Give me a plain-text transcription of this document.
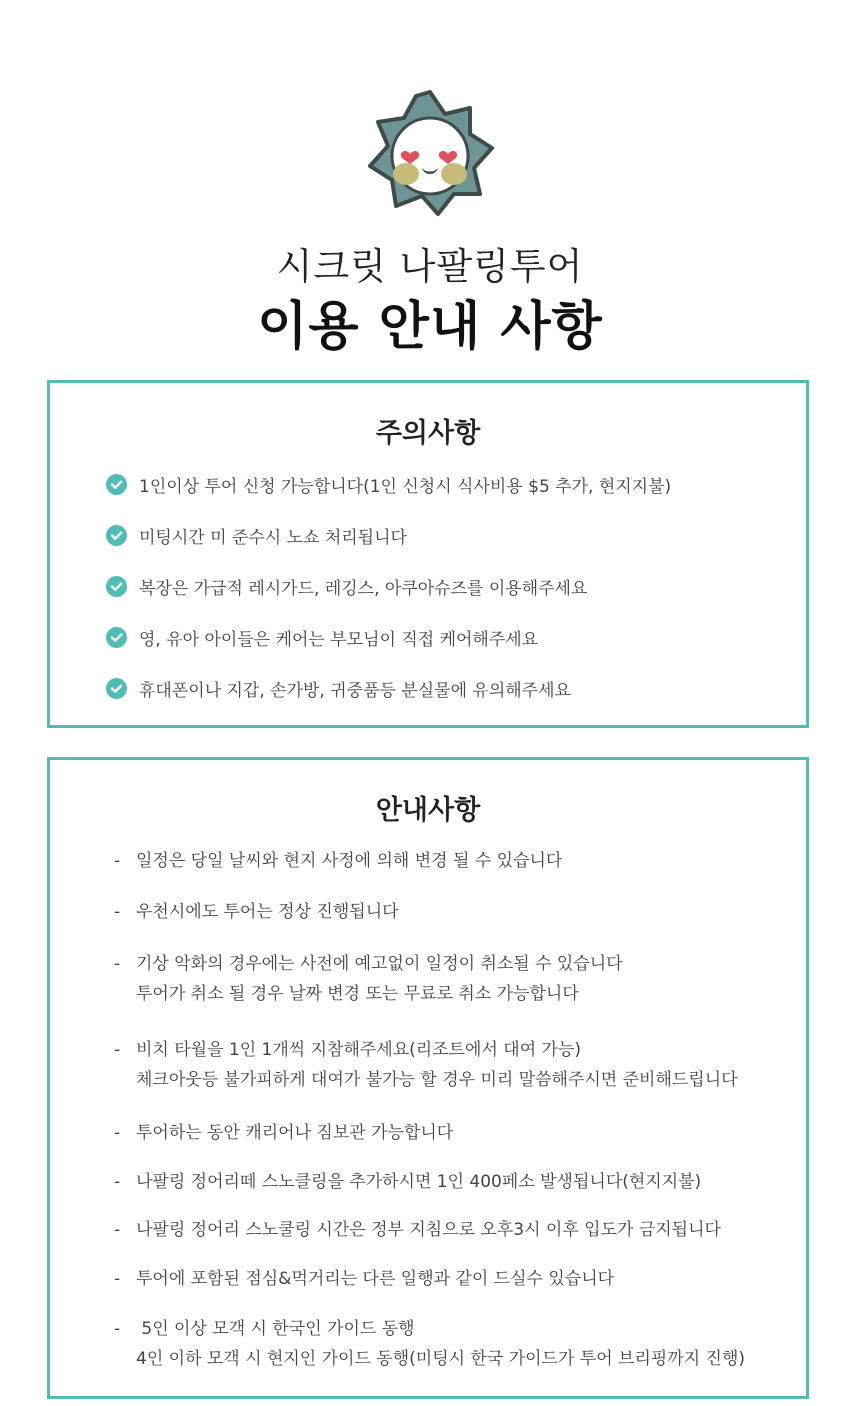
시크릿 나팔링투어
이용 안내 사항
주의사항
1인이상 투어 신청 가능합니다(1인 신청시 식사비용 $5 추가, 현지지불)
미팅시간 미 준수시 노쇼 처리됩니다
복장은 가급적 레시가드, 레깅스, 아쿠아슈즈를 이용해주세요
영, 유아 아이들은 케어는 부모님이 직접 케어해주세요
휴대폰이나 지갑, 손가방, 귀중품등 분실물에 유의해주세요
안내사항
- 일정은 당일 날씨와 현지 사정에 의해 변경 될 수 있습니다
- 우천시에도 투어는 정상 진행됩니다
- 기상 악화의 경우에는 사전에 예고없이 일정이 취소될 수 있습니다
투어가 취소 될 경우 날짜 변경 또는 무료로 취소 가능합니다
- 비치 타월을 1인 1개씩 지참해주세요(리조트에서 대여 가능)
체크아웃등 불가피하게 대여가 불가능 할 경우 미리 말씀해주시면 준비해드립니다
- 투어하는 동안 캐리어나 짐보관 가능합니다
- 나팔링 정어리떼 스노클링을 추가하시면 1인 400페소 발생됩니다(현지지불)
- 나팔링 정어리 스노쿨링 시간은 정부 지침으로 오후3시 이후 입도가 금지됩니다
- 투어에 포함된 점심&먹거리는 다른 일행과 같이 드실수 있습니다
- 5인 이상 모객 시 한국인 가이드 동행
4인 이하 모객 시 현지인 가이드 동행(미팅시 한국 가이드가 투어 브리핑까지 진행)
